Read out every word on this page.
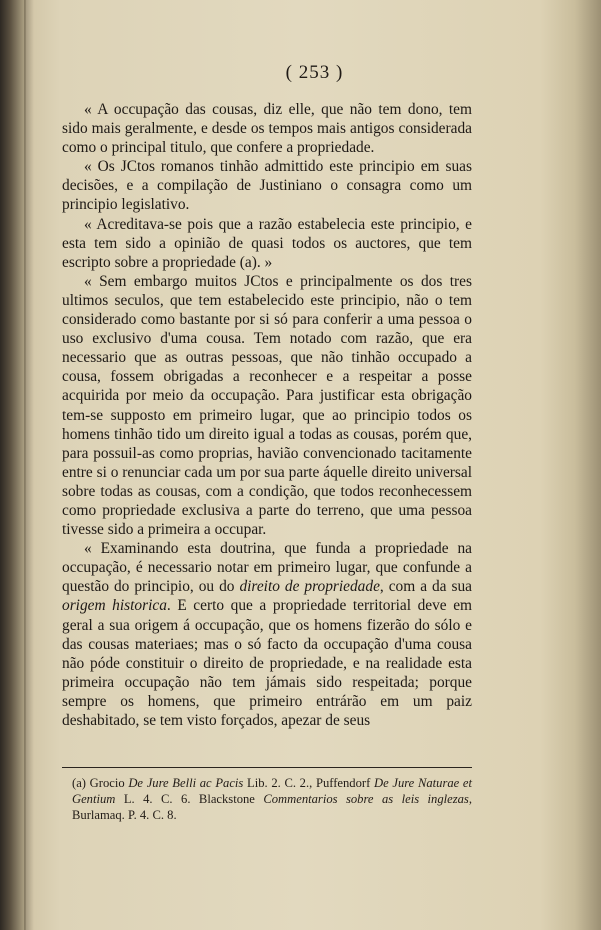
( 253 )

« A occupação das cousas, diz elle, que não tem dono, tem sido mais geralmente, e desde os tempos mais antigos considerada como o principal titulo, que confere a propriedade.

« Os JCtos romanos tinhão admittido este principio em suas decisões, e a compilação de Justiniano o consagra como um principio legislativo.

« Acreditava-se pois que a razão estabelecia este principio, e esta tem sido a opinião de quasi todos os auctores, que tem escripto sobre a propriedade (a). »

« Sem embargo muitos JCtos e principalmente os dos tres ultimos seculos, que tem estabelecido este principio, não o tem considerado como bastante por si só para conferir a uma pessoa o uso exclusivo d'uma cousa. Tem notado com razão, que era necessario que as outras pessoas, que não tinhão occupado a cousa, fossem obrigadas a reconhecer e a respeitar a posse acquirida por meio da occupação. Para justificar esta obrigação tem-se supposto em primeiro lugar, que ao principio todos os homens tinhão tido um direito igual a todas as cousas, porém que, para possuil-as como proprias, havião convencionado tacitamente entre si o renunciar cada um por sua parte áquelle direito universal sobre todas as cousas, com a condição, que todos reconhecessem como propriedade exclusiva a parte do terreno, que uma pessoa tivesse sido a primeira a occupar.

« Examinando esta doutrina, que funda a propriedade na occupação, é necessario notar em primeiro lugar, que confunde a questão do principio, ou do direito de propriedade, com a da sua origem historica. E certo que a propriedade territorial deve em geral a sua origem á occupação, que os homens fizerão do sólo e das cousas materiaes; mas o só facto da occupação d'uma cousa não póde constituir o direito de propriedade, e na realidade esta primeira occupação não tem jámais sido respeitada; porque sempre os homens, que primeiro entrárão em um paiz deshabitado, se tem visto forçados, apezar de seus

(a) Grocio De Jure Belli ac Pacis Lib. 2. C. 2., Puffendorf De Jure Naturae et Gentium L. 4. C. 6. Blackstone Commentarios sobre as leis inglezas, Burlamaq. P. 4. C. 8.
